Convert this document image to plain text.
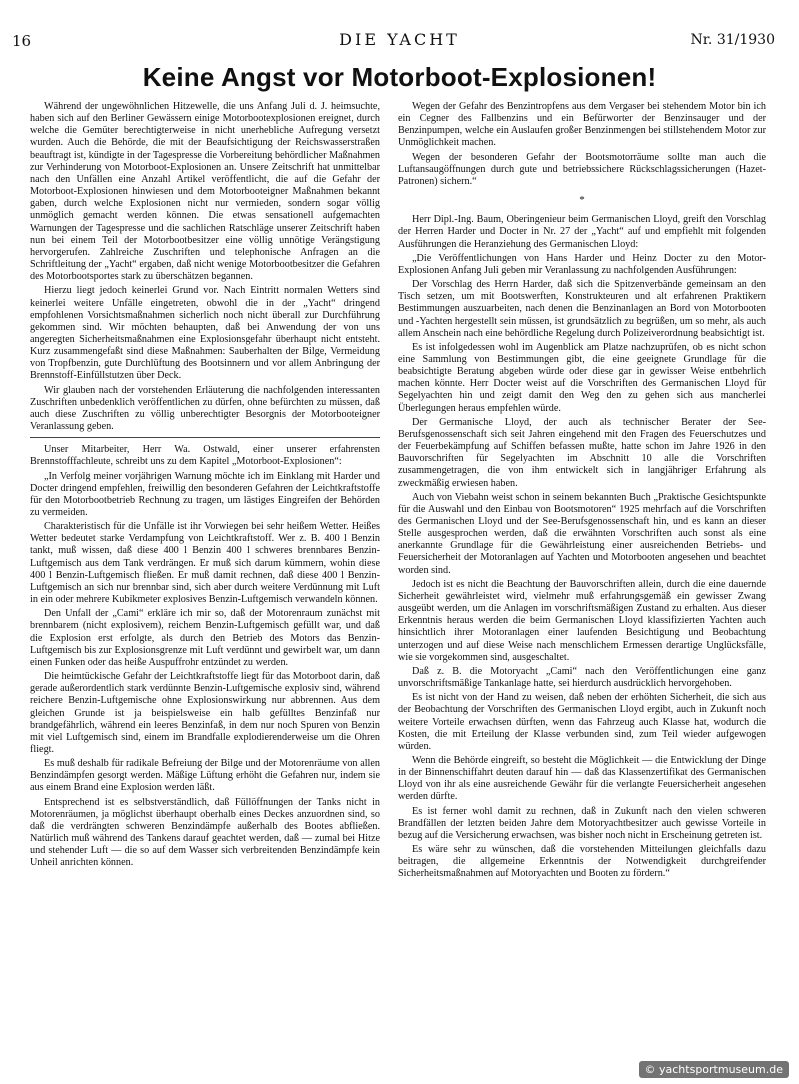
16	DIE YACHT	Nr. 31/1930
Keine Angst vor Motorboot-Explosionen!

Während der ungewöhnlichen Hitzewelle, die uns Anfang Juli d. J. heimsuchte, haben sich auf den Berliner Gewässern einige Motorbootexplosionen ereignet, durch welche die Gemüter berechtigterweise in nicht unerhebliche Aufregung versetzt wurden. Auch die Behörde, die mit der Beaufsichtigung der Reichswasserstraßen beauftragt ist, kündigte in der Tagespresse die Vorbereitung behördlicher Maßnahmen zur Verhinderung von Motorboot-Explosionen an. Unsere Zeitschrift hat unmittelbar nach den Unfällen eine Anzahl Artikel veröffentlicht, die auf die Gefahr der Motorboot-Explosionen hinwiesen und dem Motorbooteigner Maßnahmen bekannt gaben, durch welche Explosionen nicht nur vermieden, sondern sogar völlig unmöglich gemacht werden können. Die etwas sensationell aufgemachten Warnungen der Tagespresse und die sachlichen Ratschläge unserer Zeitschrift haben nun bei einem Teil der Motorbootbesitzer eine völlig unnötige Verängstigung hervorgerufen. Zahlreiche Zuschriften und telephonische Anfragen an die Schriftleitung der „Yacht“ ergaben, daß nicht wenige Motorbootbesitzer die Gefahren des Motorbootsportes stark zu überschätzen begannen.

Hierzu liegt jedoch keinerlei Grund vor. Nach Eintritt normalen Wetters sind keinerlei weitere Unfälle eingetreten, obwohl die in der „Yacht“ dringend empfohlenen Vorsichtsmaßnahmen sicherlich noch nicht überall zur Durchführung gekommen sind. Wir möchten behaupten, daß bei Anwendung der von uns angeregten Sicherheitsmaßnahmen eine Explosionsgefahr überhaupt nicht entsteht. Kurz zusammengefaßt sind diese Maßnahmen: Sauberhalten der Bilge, Vermeidung von Tropfbenzin, gute Durchlüftung des Bootsinnern und vor allem Anbringung der Brennstoff-Einfüllstutzen über Deck.

Wir glauben nach der vorstehenden Erläuterung die nachfolgenden interessanten Zuschriften unbedenklich veröffentlichen zu dürfen, ohne befürchten zu müssen, daß auch diese Zuschriften zu völlig unberechtigter Besorgnis der Motorbooteigner Veranlassung geben.

Unser Mitarbeiter, Herr Wa. Ostwald, einer unserer erfahrensten Brennstofffachleute, schreibt uns zu dem Kapitel „Motorboot-Explosionen“:

„In Verfolg meiner vorjährigen Warnung möchte ich im Einklang mit Harder und Docter dringend empfehlen, freiwillig den besonderen Gefahren der Leichtkraftstoffe für den Motorbootbetrieb Rechnung zu tragen, um lästiges Eingreifen der Behörden zu vermeiden.

Charakteristisch für die Unfälle ist ihr Vorwiegen bei sehr heißem Wetter. Heißes Wetter bedeutet starke Verdampfung von Leichtkraftstoff. Wer z. B. 400 l Benzin tankt, muß wissen, daß diese 400 l Benzin 400 l schweres brennbares Benzin-Luftgemisch aus dem Tank verdrängen. Er muß sich darum kümmern, wohin diese 400 l Benzin-Luftgemisch fließen. Er muß damit rechnen, daß diese 400 l Benzin-Luftgemisch an sich nur brennbar sind, sich aber durch weitere Verdünnung mit Luft in ein oder mehrere Kubikmeter explosives Benzin-Luftgemisch verwandeln können.

Den Unfall der „Cami“ erkläre ich mir so, daß der Motorenraum zunächst mit brennbarem (nicht explosivem), reichem Benzin-Luftgemisch gefüllt war, und daß die Explosion erst erfolgte, als durch den Betrieb des Motors das Benzin-Luftgemisch bis zur Explosionsgrenze mit Luft verdünnt und gewirbelt war, um dann einen Funken oder das heiße Auspuffrohr entzündet zu werden.

Die heimtückische Gefahr der Leichtkraftstoffe liegt für das Motorboot darin, daß gerade außerordentlich stark verdünnte Benzin-Luftgemische explosiv sind, während reichere Benzin-Luftgemische ohne Explosionswirkung nur abbrennen. Aus dem gleichen Grunde ist ja beispielsweise ein halb gefülltes Benzinfaß nur brandgefährlich, während ein leeres Benzinfaß, in dem nur noch Spuren von Benzin mit viel Luftgemisch sind, einem im Brandfalle explodierenderweise um die Ohren fliegt.

Es muß deshalb für radikale Befreiung der Bilge und der Motorenräume von allen Benzindämpfen gesorgt werden. Mäßige Lüftung erhöht die Gefahren nur, indem sie aus einem Brand eine Explosion werden läßt.

Entsprechend ist es selbstverständlich, daß Füllöffnungen der Tanks nicht in Motorenräumen, ja möglichst überhaupt oberhalb eines Deckes anzuordnen sind, so daß die verdrängten schweren Benzindämpfe außerhalb des Bootes abfließen. Natürlich muß während des Tankens darauf geachtet werden, daß — zumal bei Hitze und stehender Luft — die so auf dem Wasser sich verbreitenden Benzindämpfe kein Unheil anrichten können.

Wegen der Gefahr des Benzintropfens aus dem Vergaser bei stehendem Motor bin ich ein Cegner des Fallbenzins und ein Befürworter der Benzinsauger und der Benzinpumpen, welche ein Auslaufen großer Benzinmengen bei stillstehendem Motor zur Unmöglichkeit machen.

Wegen der besonderen Gefahr der Bootsmotorräume sollte man auch die Luftansaugöffnungen durch gute und betriebssichere Rückschlagssicherungen (Hazet-Patronen) sichern.“

*

Herr Dipl.-Ing. Baum, Oberingenieur beim Germanischen Lloyd, greift den Vorschlag der Herren Harder und Docter in Nr. 27 der „Yacht“ auf und empfiehlt mit folgenden Ausführungen die Heranziehung des Germanischen Lloyd:

„Die Veröffentlichungen von Hans Harder und Heinz Docter zu den Motor-Explosionen Anfang Juli geben mir Veranlassung zu nachfolgenden Ausführungen:

Der Vorschlag des Herrn Harder, daß sich die Spitzenverbände gemeinsam an den Tisch setzen, um mit Bootswerften, Konstrukteuren und alt erfahrenen Praktikern Bestimmungen auszuarbeiten, nach denen die Benzinanlagen an Bord von Motorbooten und -Yachten hergestellt sein müssen, ist grundsätzlich zu begrüßen, um so mehr, als auch allem Anschein nach eine behördliche Regelung durch Polizeiverordnung beabsichtigt ist.

Es ist infolgedessen wohl im Augenblick am Platze nachzuprüfen, ob es nicht schon eine Sammlung von Bestimmungen gibt, die eine geeignete Grundlage für die beabsichtigte Beratung abgeben würde oder diese gar in gewisser Weise entbehrlich machen könnte. Herr Docter weist auf die Vorschriften des Germanischen Lloyd für Segelyachten hin und zeigt damit den Weg den zu gehen sich aus mancherlei Überlegungen heraus empfehlen würde.

Der Germanische Lloyd, der auch als technischer Berater der See-Berufsgenossenschaft sich seit Jahren eingehend mit den Fragen des Feuerschutzes und der Feuerbekämpfung auf Schiffen befassen mußte, hatte schon im Jahre 1926 in den Bauvorschriften für Segelyachten im Abschnitt 10 alle die Vorschriften zusammengetragen, die von ihm entwickelt sich in langjähriger Erfahrung als zweckmäßig erwiesen haben.

Auch von Viebahn weist schon in seinem bekannten Buch „Praktische Gesichtspunkte für die Auswahl und den Einbau von Bootsmotoren“ 1925 mehrfach auf die Vorschriften des Germanischen Lloyd und der See-Berufsgenossenschaft hin, und es kann an dieser Stelle ausgesprochen werden, daß die erwähnten Vorschriften auch sonst als eine anerkannte Grundlage für die Gewährleistung einer ausreichenden Betriebs- und Feuersicherheit der Motoranlagen auf Yachten und Motorbooten angesehen und beachtet worden sind.

Jedoch ist es nicht die Beachtung der Bauvorschriften allein, durch die eine dauernde Sicherheit gewährleistet wird, vielmehr muß erfahrungsgemäß ein gewisser Zwang ausgeübt werden, um die Anlagen im vorschriftsmäßigen Zustand zu erhalten. Aus dieser Erkenntnis heraus werden die beim Germanischen Lloyd klassifizierten Yachten auch hinsichtlich ihrer Motoranlagen einer laufenden Besichtigung und Beobachtung unterzogen und auf diese Weise nach menschlichem Ermessen derartige Unglücksfälle, wie sie vorgekommen sind, ausgeschaltet.

Daß z. B. die Motoryacht „Cami“ nach den Veröffentlichungen eine ganz unvorschriftsmäßige Tankanlage hatte, sei hierdurch ausdrücklich hervorgehoben.

Es ist nicht von der Hand zu weisen, daß neben der erhöhten Sicherheit, die sich aus der Beobachtung der Vorschriften des Germanischen Lloyd ergibt, auch in Zukunft noch weitere Vorteile erwachsen dürften, wenn das Fahrzeug auch Klasse hat, wodurch die Kosten, die mit Erteilung der Klasse verbunden sind, zum Teil wieder aufgewogen würden.

Wenn die Behörde eingreift, so besteht die Möglichkeit — die Entwicklung der Dinge in der Binnenschiffahrt deuten darauf hin — daß das Klassenzertifikat des Germanischen Lloyd von ihr als eine ausreichende Gewähr für die verlangte Feuersicherheit angesehen werden dürfte.

Es ist ferner wohl damit zu rechnen, daß in Zukunft nach den vielen schweren Brandfällen der letzten beiden Jahre dem Motoryachtbesitzer auch gewisse Vorteile in bezug auf die Versicherung erwachsen, was bisher noch nicht in Erscheinung getreten ist.

Es wäre sehr zu wünschen, daß die vorstehenden Mitteilungen gleichfalls dazu beitragen, die allgemeine Erkenntnis der Notwendigkeit durchgreifender Sicherheitsmaßnahmen auf Motoryachten und Booten zu fördern.“

© yachtsportmuseum.de
